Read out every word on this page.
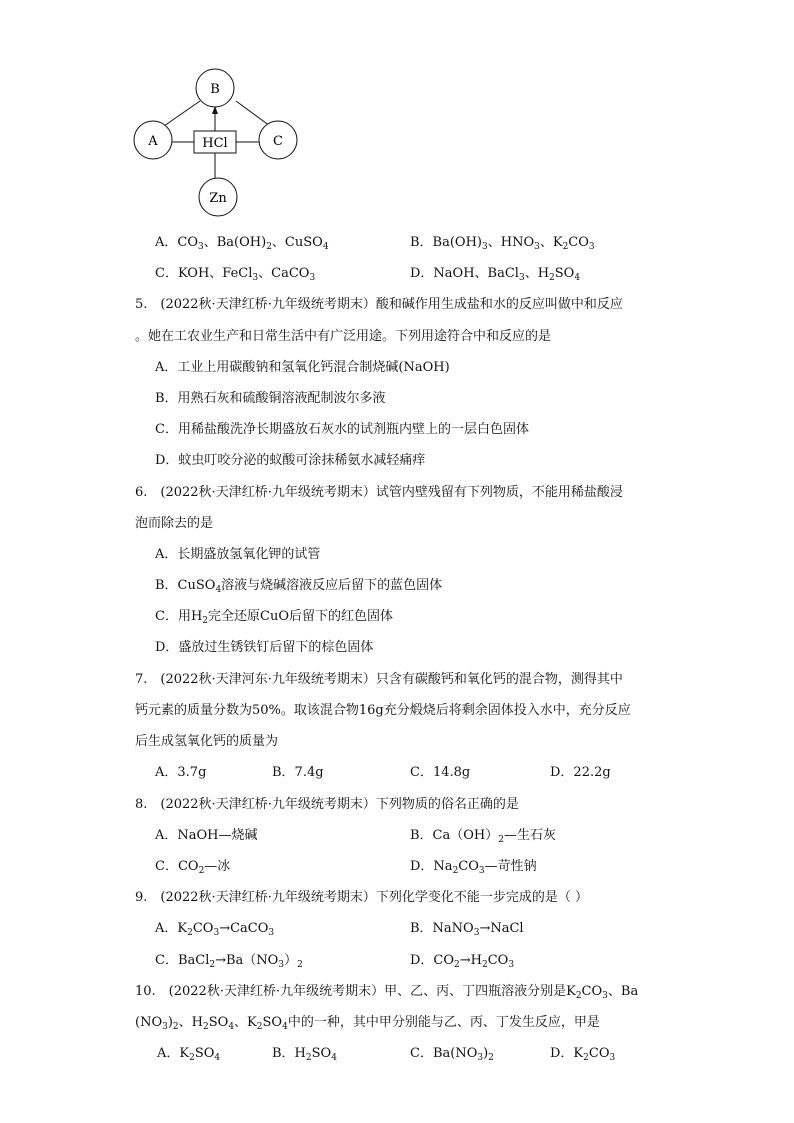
B
A	C
Zn
HCl
A．$CO_3$、$Ba(OH)_2$、CuSO$_4$	B．$Ba(OH)_3$、$HNO_3$、$K_2CO_3$
C．KOH、FeCl$_3$、CaCO$_3$	D．NaOH、BaCl$_3$、$H_2SO_4$
5.　(2022秋·天津红桥·九年级统考期末）酸和碱作用生成盐和水的反应叫做中和反应
。她在工农业生产和日常生活中有广泛用途。下列用途符合中和反应的是
A．工业上用碳酸钠和氢氧化钙混合制烧碱(NaOH)
B．用熟石灰和硫酸铜溶液配制波尔多液
C．用稀盐酸洗净长期盛放石灰水的试剂瓶内壁上的一层白色固体
D．蚊虫叮咬分泌的蚁酸可涂抹稀氨水减轻痛痒
6.　(2022秋·天津红桥·九年级统考期末）试管内壁残留有下列物质，不能用稀盐酸浸
泡而除去的是
A．长期盛放氢氧化钾的试管
B．CuSO$_4$溶液与烧碱溶液反应后留下的蓝色固体
C．用$H_2$完全还原CuO后留下的红色固体
D．盛放过生锈铁钉后留下的棕色固体
7.　(2022秋·天津河东·九年级统考期末）只含有碳酸钙和氧化钙的混合物，测得其中
钙元素的质量分数为50%。取该混合物16g充分煅烧后将剩余固体投入水中，充分反应
后生成氢氧化钙的质量为
A．3.7g	B．7.4g	C．14.8g	D．22.2g
8.　(2022秋·天津红桥·九年级统考期末）下列物质的俗名正确的是
A．NaOH—烧碱	B．$Ca(OH)_2—$生石灰
C．$CO_2—$冰	D．$Na_2CO_3—$苛性钠
9.　(2022秋·天津红桥·九年级统考期末）下列化学变化不能一步完成的是（ ）
A．$K_2CO_3\to CaCO_3$	B．NaNO$_3$→NaCl
C．$BaCl_2\to Ba(NO_3)_2$	D．$CO_2\to H_2CO_3$
10.　(2022秋·天津红桥·九年级统考期末）甲、乙、丙、丁四瓶溶液分别是$K_2CO_3$、Ba
$(NO_3)_2$、$H_2SO_4$、$K_2SO_4$中的一种，其中甲分别能与乙、丙、丁发生反应，甲是
A．$K_2SO_4$	B．$H_2SO_4$	C．$Ba(NO_3)_2$	D．$K_2CO_3$
